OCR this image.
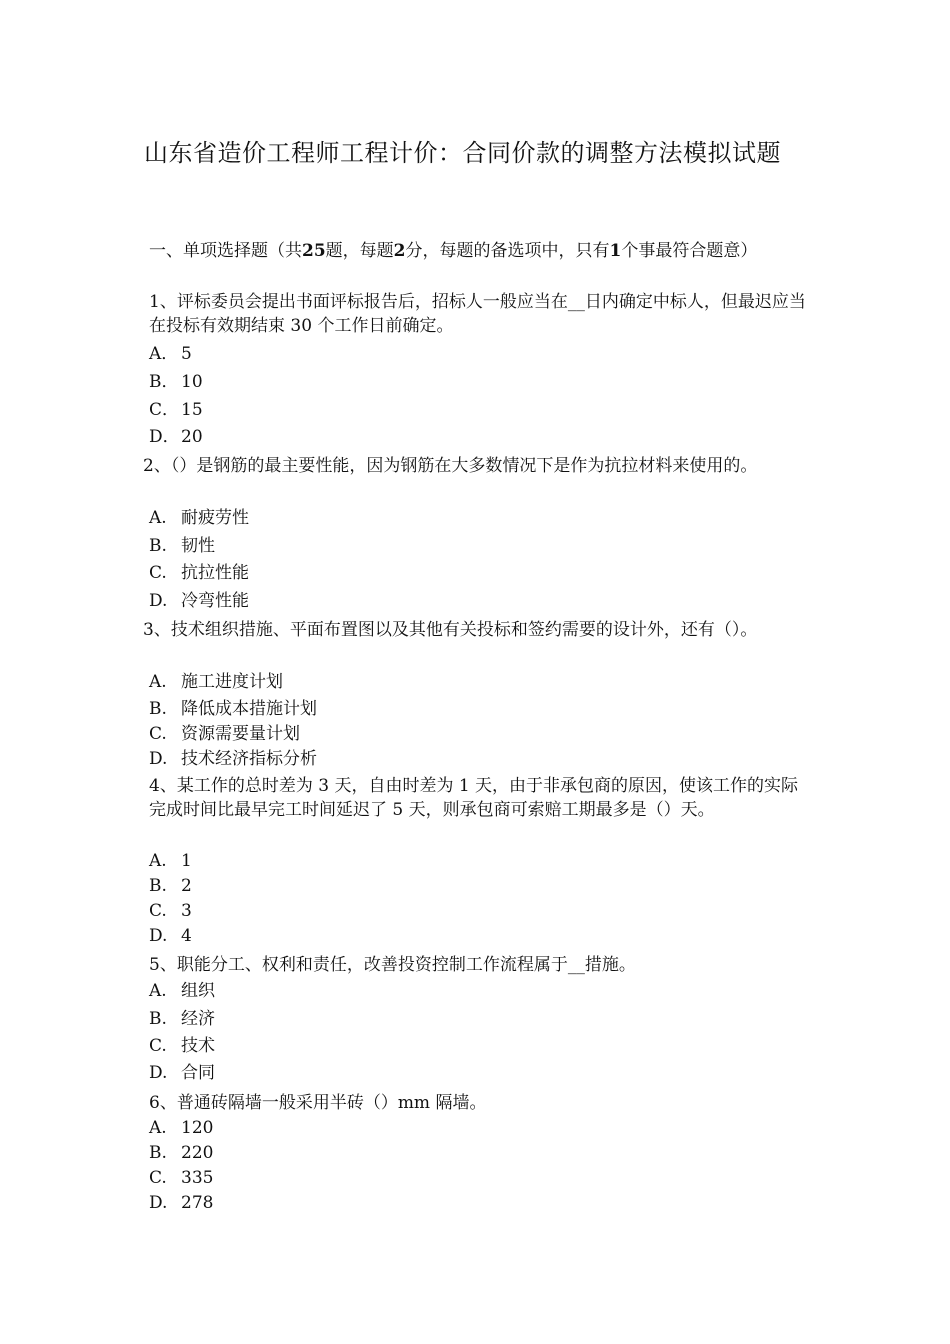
山东省造价工程师工程计价：合同价款的调整方法模拟试题
一、单项选择题（共25题，每题2分，每题的备选项中，只有1个事最符合题意）
1、评标委员会提出书面评标报告后，招标人一般应当在__日内确定中标人，但最迟应当在投标有效期结束 30 个工作日前确定。
A． 5
B． 10
C． 15
D．20
2、（）是钢筋的最主要性能，因为钢筋在大多数情况下是作为抗拉材料来使用的。
A. 耐疲劳性
B. 韧性
C. 抗拉性能
D. 冷弯性能
3、技术组织措施、平面布置图以及其他有关投标和签约需要的设计外，还有（）。
A. 施工进度计划
B. 降低成本措施计划
C. 资源需要量计划
D. 技术经济指标分析
4、某工作的总时差为 3 天，自由时差为 1 天，由于非承包商的原因，使该工作的实际完成时间比最早完工时间延迟了 5 天，则承包商可索赔工期最多是（）天。
A. 1
B. 2
C. 3
D. 4
5、职能分工、权利和责任，改善投资控制工作流程属于__措施。
A. 组织
B. 经济
C. 技术
D. 合同
6、普通砖隔墙一般采用半砖（）mm 隔墙。
A. 120
B. 220
C. 335
D. 278
